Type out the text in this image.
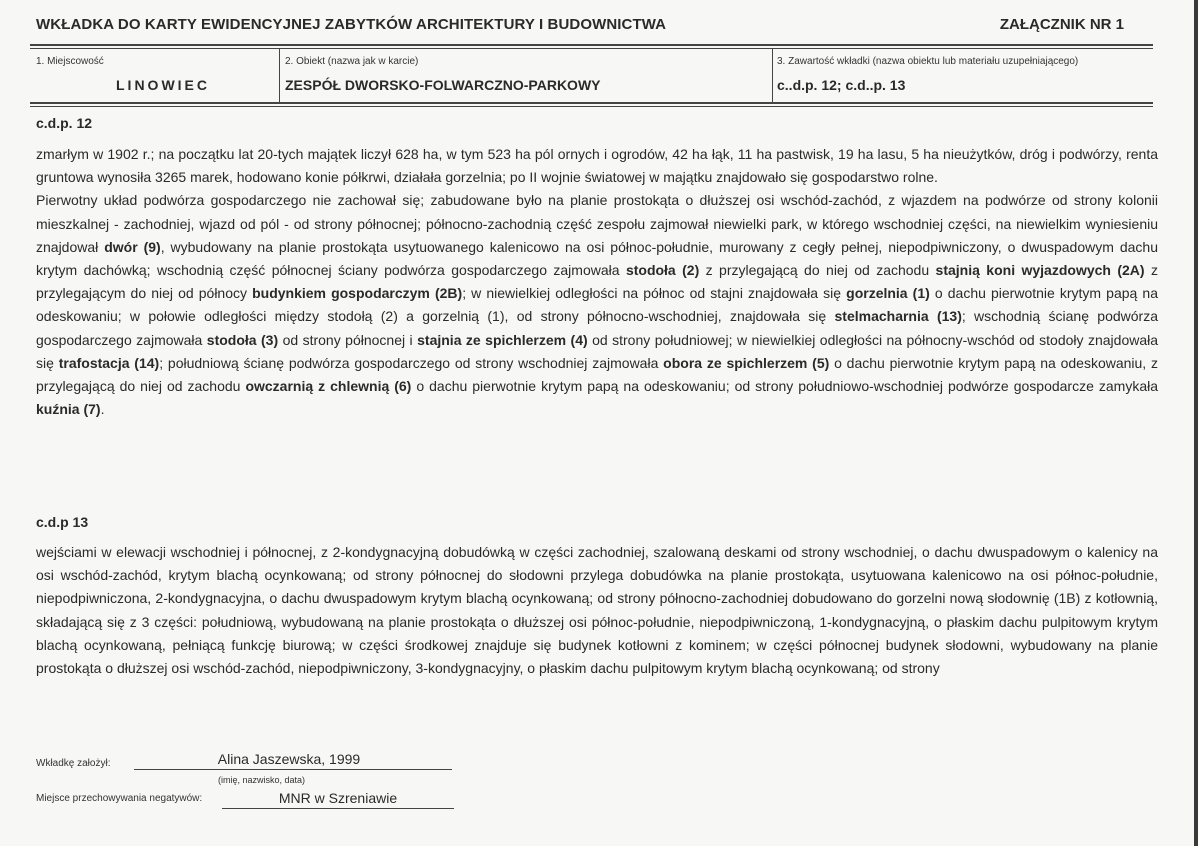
WKŁADKA DO KARTY EWIDENCYJNEJ ZABYTKÓW ARCHITEKTURY I BUDOWNICTWA	ZAŁĄCZNIK NR 1
1. Miejscowość
LINOWIEC
2. Obiekt (nazwa jak w karcie)
ZESPÓŁ DWORSKO-FOLWARCZNO-PARKOWY
3. Zawartość wkładki (nazwa obiektu lub materiału uzupełniającego)
c..d.p. 12; c.d..p. 13
c.d.p. 12

zmarłym w 1902 r.; na początku lat 20-tych majątek liczył 628 ha, w tym 523 ha pól ornych i ogrodów, 42 ha łąk, 11 ha pastwisk, 19 ha lasu, 5 ha nieużytków, dróg i podwórzy, renta gruntowa wynosiła 3265 marek, hodowano konie półkrwi, działała gorzelnia; po II wojnie światowej w majątku znajdowało się gospodarstwo rolne.

Pierwotny układ podwórza gospodarczego nie zachował się; zabudowane było na planie prostokąta o dłuższej osi wschód-zachód, z wjazdem na podwórze od strony kolonii mieszkalnej - zachodniej, wjazd od pól - od strony północnej; północno-zachodnią część zespołu zajmował niewielki park, w którego wschodniej części, na niewielkim wyniesieniu znajdował dwór (9), wybudowany na planie prostokąta usytuowanego kalenicowo na osi północ-południe, murowany z cegły pełnej, niepodpiwniczony, o dwuspadowym dachu krytym dachówką; wschodnią część północnej ściany podwórza gospodarczego zajmowała stodoła (2) z przylegającą do niej od zachodu stajnią koni wyjazdowych (2A) z przylegającym do niej od północy budynkiem gospodarczym (2B); w niewielkiej odległości na północ od stajni znajdowała się gorzelnia (1) o dachu pierwotnie krytym papą na odeskowaniu; w połowie odległości między stodołą (2) a gorzelnią (1), od strony północno-wschodniej, znajdowała się stelmacharnia (13); wschodnią ścianę podwórza gospodarczego zajmowała stodoła (3) od strony północnej i stajnia ze spichlerzem (4) od strony południowej; w niewielkiej odległości na północny-wschód od stodoły znajdowała się trafostacja (14); południową ścianę podwórza gospodarczego od strony wschodniej zajmowała obora ze spichlerzem (5) o dachu pierwotnie krytym papą na odeskowaniu, z przylegającą do niej od zachodu owczarnią z chlewnią (6) o dachu pierwotnie krytym papą na odeskowaniu; od strony południowo-wschodniej podwórze gospodarcze zamykała kuźnia (7).

c.d.p 13

wejściami w elewacji wschodniej i północnej, z 2-kondygnacyjną dobudówką w części zachodniej, szalowaną deskami od strony wschodniej, o dachu dwuspadowym o kalenicy na osi wschód-zachód, krytym blachą ocynkowaną; od strony północnej do słodowni przylega dobudówka na planie prostokąta, usytuowana kalenicowo na osi północ-południe, niepodpiwniczona, 2-kondygnacyjna, o dachu dwuspadowym krytym blachą ocynkowaną; od strony północno-zachodniej dobudowano do gorzelni nową słodownię (1B) z kotłownią, składającą się z 3 części: południową, wybudowaną na planie prostokąta o dłuższej osi północ-południe, niepodpiwniczoną, 1-kondygnacyjną, o płaskim dachu pulpitowym krytym blachą ocynkowaną, pełniącą funkcję biurową; w części środkowej znajduje się budynek kotłowni z kominem; w części północnej budynek słodowni, wybudowany na planie prostokąta o dłuższej osi wschód-zachód, niepodpiwniczony, 3-kondygnacyjny, o płaskim dachu pulpitowym krytym blachą ocynkowaną; od strony

Wkładkę założył:	Alina Jaszewska, 1999
(imię, nazwisko, data)
Miejsce przechowywania negatywów:	MNR w Szreniawie
